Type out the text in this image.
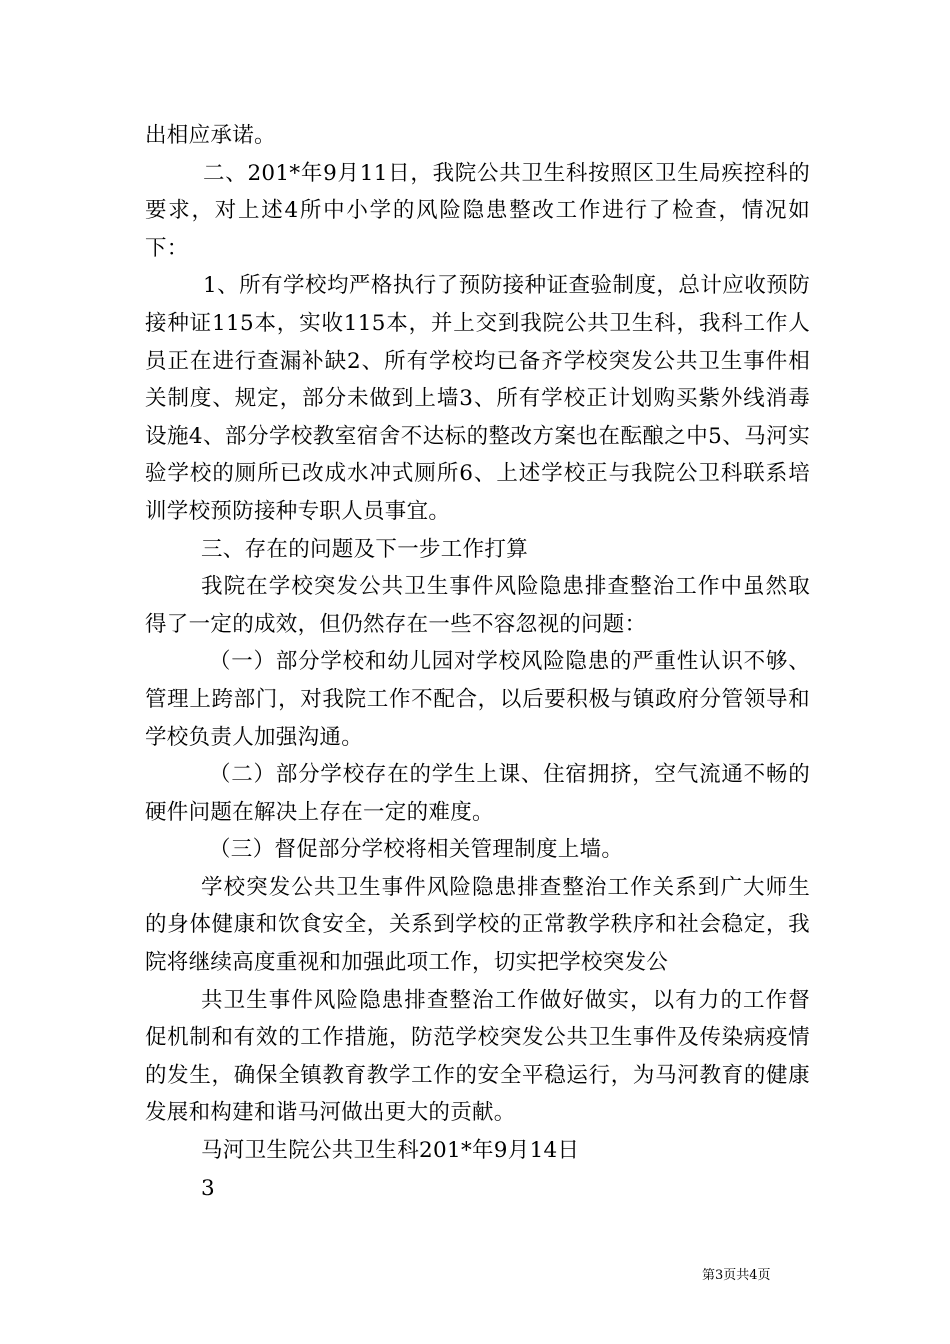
出相应承诺。

二、201*年9月11日，我院公共卫生科按照区卫生局疾控科的要求，对上述4所中小学的风险隐患整改工作进行了检查，情况如下：

1、所有学校均严格执行了预防接种证查验制度，总计应收预防接种证115本，实收115本，并上交到我院公共卫生科，我科工作人员正在进行查漏补缺2、所有学校均已备齐学校突发公共卫生事件相关制度、规定，部分未做到上墙3、所有学校正计划购买紫外线消毒设施4、部分学校教室宿舍不达标的整改方案也在酝酿之中5、马河实验学校的厕所已改成水冲式厕所6、上述学校正与我院公卫科联系培训学校预防接种专职人员事宜。

三、存在的问题及下一步工作打算

我院在学校突发公共卫生事件风险隐患排查整治工作中虽然取得了一定的成效，但仍然存在一些不容忽视的问题：

（一）部分学校和幼儿园对学校风险隐患的严重性认识不够、管理上跨部门，对我院工作不配合，以后要积极与镇政府分管领导和学校负责人加强沟通。

（二）部分学校存在的学生上课、住宿拥挤，空气流通不畅的硬件问题在解决上存在一定的难度。

（三）督促部分学校将相关管理制度上墙。

学校突发公共卫生事件风险隐患排查整治工作关系到广大师生的身体健康和饮食安全，关系到学校的正常教学秩序和社会稳定，我院将继续高度重视和加强此项工作，切实把学校突发公

共卫生事件风险隐患排查整治工作做好做实，以有力的工作督促机制和有效的工作措施，防范学校突发公共卫生事件及传染病疫情的发生，确保全镇教育教学工作的安全平稳运行，为马河教育的健康发展和构建和谐马河做出更大的贡献。

马河卫生院公共卫生科201*年9月14日

3

第3页共4页
